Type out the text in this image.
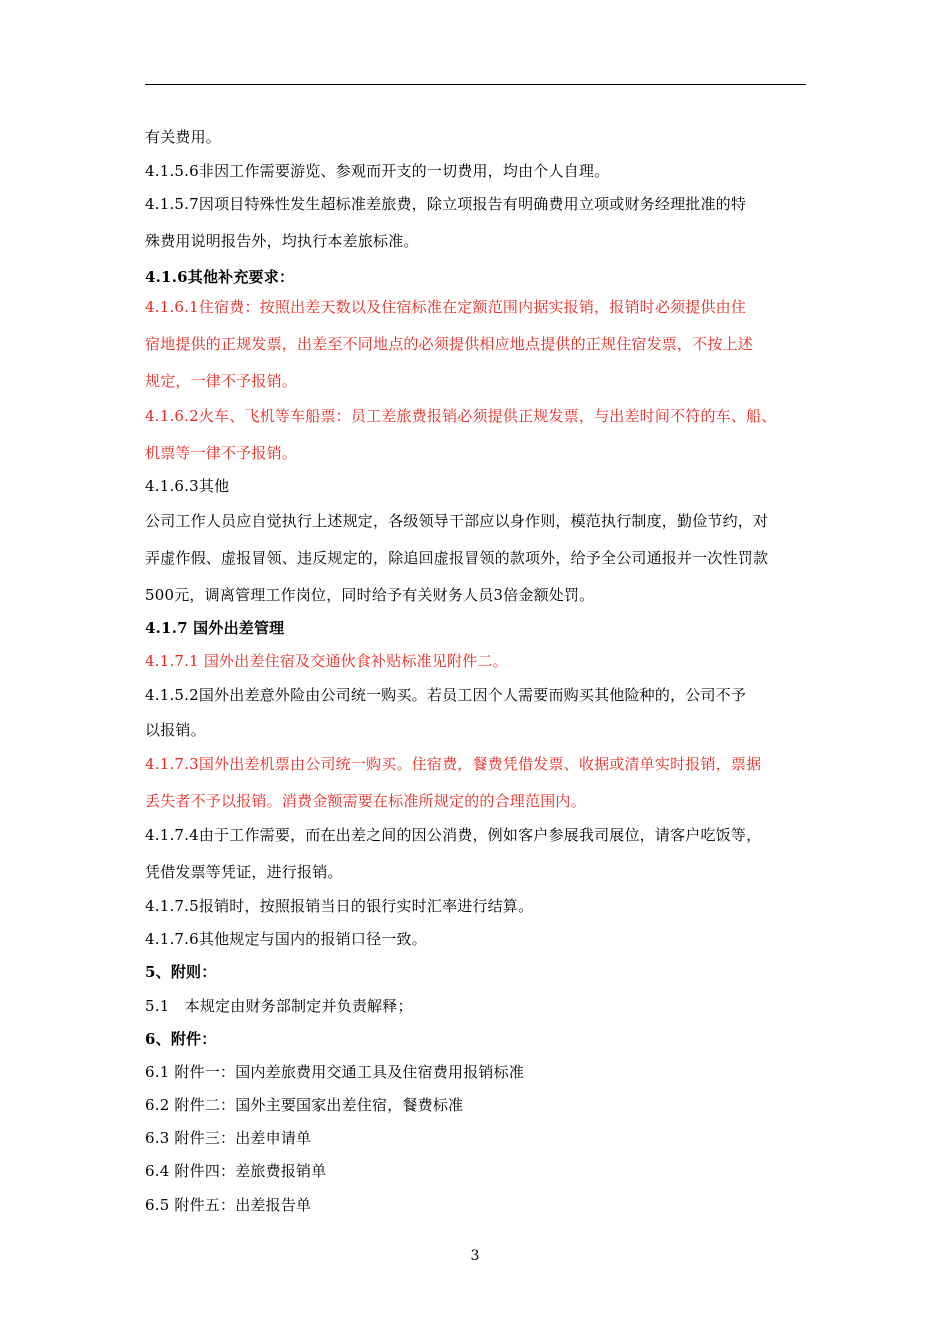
有关费用。
4.1.5.6非因工作需要游览、参观而开支的一切费用，均由个人自理。
4.1.5.7因项目特殊性发生超标准差旅费，除立项报告有明确费用立项或财务经理批准的特
殊费用说明报告外，均执行本差旅标准。
4.1.6其他补充要求：
4.1.6.1住宿费：按照出差天数以及住宿标准在定额范围内据实报销，报销时必须提供由住
宿地提供的正规发票，出差至不同地点的必须提供相应地点提供的正规住宿发票，不按上述
规定，一律不予报销。
4.1.6.2火车、飞机等车船票：员工差旅费报销必须提供正规发票，与出差时间不符的车、船、
机票等一律不予报销。
4.1.6.3其他
公司工作人员应自觉执行上述规定，各级领导干部应以身作则，模范执行制度，勤俭节约，对
弄虚作假、虚报冒领、违反规定的，除追回虚报冒领的款项外，给予全公司通报并一次性罚款
500元，调离管理工作岗位，同时给予有关财务人员3倍金额处罚。
4.1.7 国外出差管理
4.1.7.1 国外出差住宿及交通伙食补贴标准见附件二。
4.1.5.2国外出差意外险由公司统一购买。若员工因个人需要而购买其他险种的，公司不予
以报销。
4.1.7.3国外出差机票由公司统一购买。住宿费，餐费凭借发票、收据或清单实时报销，票据
丢失者不予以报销。消费金额需要在标准所规定的的合理范围内。
4.1.7.4由于工作需要，而在出差之间的因公消费，例如客户参展我司展位，请客户吃饭等，
凭借发票等凭证，进行报销。
4.1.7.5报销时，按照报销当日的银行实时汇率进行结算。
4.1.7.6其他规定与国内的报销口径一致。
5、附则：
5.1　本规定由财务部制定并负责解释；
6、附件：
6.1 附件一：国内差旅费用交通工具及住宿费用报销标准
6.2 附件二：国外主要国家出差住宿，餐费标准
6.3 附件三：出差申请单
6.4 附件四：差旅费报销单
6.5 附件五：出差报告单
3
